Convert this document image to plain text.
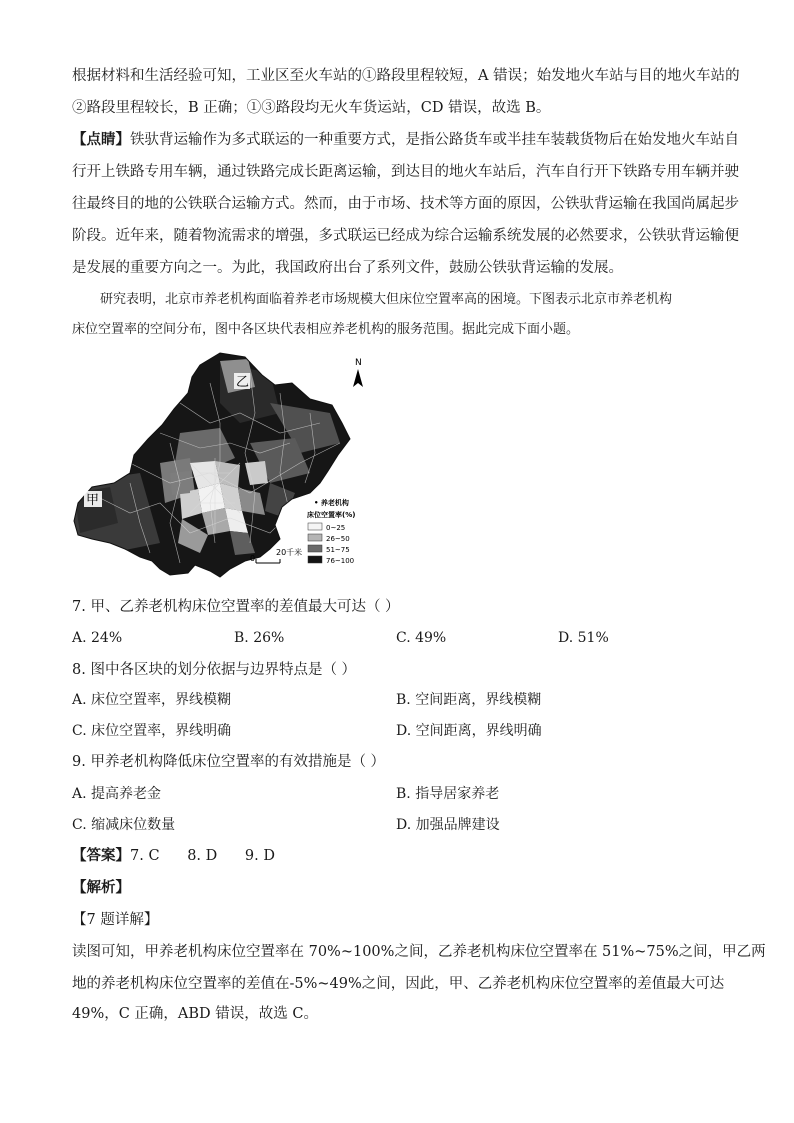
根据材料和生活经验可知，工业区至火车站的①路段里程较短，A 错误；始发地火车站与目的地火车站的
②路段里程较长，B 正确；①③路段均无火车货运站，CD 错误，故选 B。
【点睛】铁驮背运输作为多式联运的一种重要方式，是指公路货车或半挂车装载货物后在始发地火车站自
行开上铁路专用车辆，通过铁路完成长距离运输，到达目的地火车站后，汽车自行开下铁路专用车辆并驶
往最终目的地的公铁联合运输方式。然而，由于市场、技术等方面的原因，公铁驮背运输在我国尚属起步
阶段。近年来，随着物流需求的增强，多式联运已经成为综合运输系统发展的必然要求，公铁驮背运输便
是发展的重要方向之一。为此，我国政府出台了系列文件，鼓励公铁驮背运输的发展。
研究表明，北京市养老机构面临着养老市场规模大但床位空置率高的困境。下图表示北京市养老机构
床位空置率的空间分布，图中各区块代表相应养老机构的服务范围。据此完成下面小题。
乙
甲
N
• 养老机构
床位空置率(%)
0~25
26~50
51~75
76~100
0
20千米
7. 甲、乙养老机构床位空置率的差值最大可达（ ）
A. 24%	B. 26%	C. 49%	D. 51%
8. 图中各区块的划分依据与边界特点是（ ）
A. 床位空置率，界线模糊	B. 空间距离，界线模糊
C. 床位空置率，界线明确	D. 空间距离，界线明确
9. 甲养老机构降低床位空置率的有效措施是（ ）
A. 提高养老金	B. 指导居家养老
C. 缩减床位数量	D. 加强品牌建设
【答案】7. C      8. D      9. D
【解析】
【7 题详解】
读图可知，甲养老机构床位空置率在 70%~100%之间，乙养老机构床位空置率在 51%~75%之间，甲乙两
地的养老机构床位空置率的差值在-5%~49%之间，因此，甲、乙养老机构床位空置率的差值最大可达
49%，C 正确，ABD 错误，故选 C。
